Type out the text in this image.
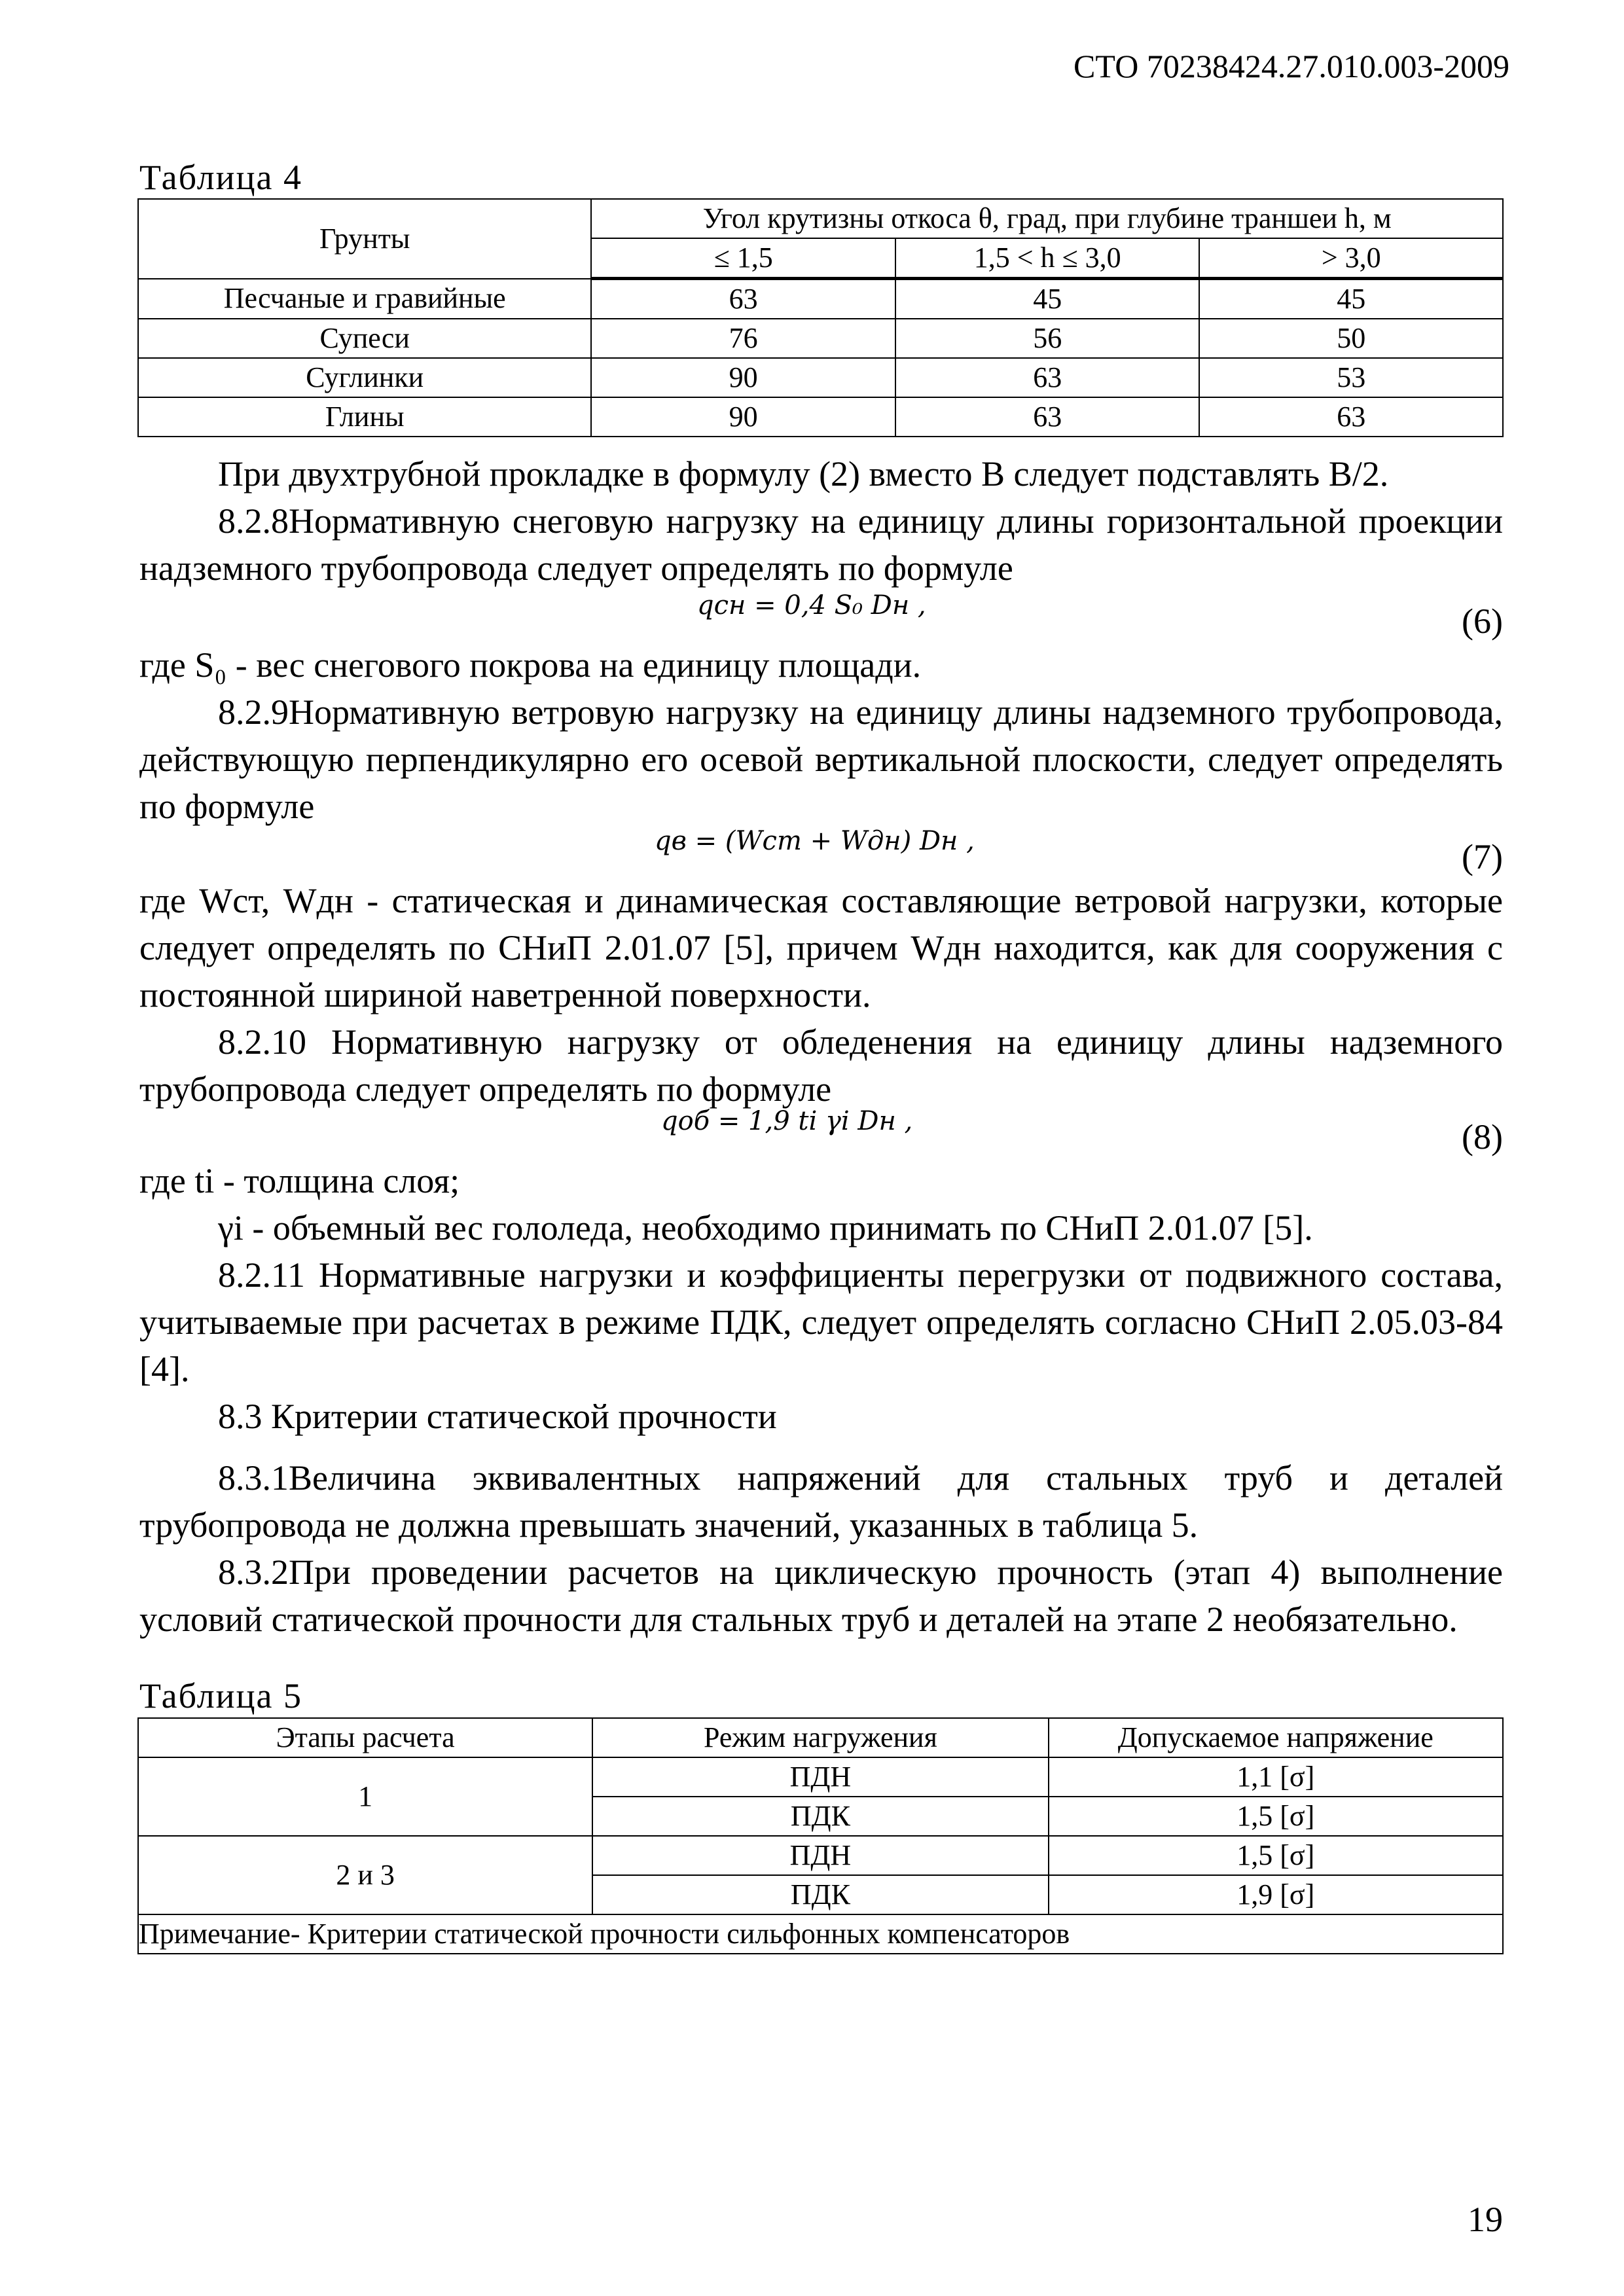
СТО 70238424.27.010.003-2009
Таблица 4
Грунты	Угол крутизны откоса θ, град, при глубине траншеи h, м		
	≤ 1,5	1,5 < h ≤ 3,0	> 3,0
Песчаные и гравийные	63	45	45
Супеси	76	56	50
Суглинки	90	63	53
Глины	90	63	63

При двухтрубной прокладке в формулу (2) вместо B следует подставлять B/2.

8.2.8Нормативную снеговую нагрузку на единицу длины горизонтальной проекции надземного трубопровода следует определять по формуле

qсн = 0,4 S₀ Dн ,	(6)

где S₀ - вес снегового покрова на единицу площади.

8.2.9Нормативную ветровую нагрузку на единицу длины надземного трубопровода, действующую перпендикулярно его осевой вертикальной плоскости, следует определять по формуле

qв = (Wст + Wдн) Dн ,	(7)

где Wст, Wдн - статическая и динамическая составляющие ветровой нагрузки, которые следует определять по СНиП 2.01.07 [5], причем Wдн находится, как для сооружения с постоянной шириной наветренной поверхности.

8.2.10 Нормативную нагрузку от обледенения на единицу длины надземного трубопровода следует определять по формуле

qоб = 1,9 ti γi Dн ,	(8)

где ti - толщина слоя;

γi - объемный вес гололеда, необходимо принимать по СНиП 2.01.07 [5].

8.2.11 Нормативные нагрузки и коэффициенты перегрузки от подвижного состава, учитываемые при расчетах в режиме ПДК, следует определять согласно СНиП 2.05.03-84 [4].

8.3 Критерии статической прочности

8.3.1Величина эквивалентных напряжений для стальных труб и деталей трубопровода не должна превышать значений, указанных в таблица 5.

8.3.2При проведении расчетов на циклическую прочность (этап 4) выполнение условий статической прочности для стальных труб и деталей на этапе 2 необязательно.

Таблица 5
Этапы расчета	Режим нагружения	Допускаемое напряжение
1	ПДН	1,1 [σ]
	ПДК	1,5 [σ]
2 и 3	ПДН	1,5 [σ]
	ПДК	1,9 [σ]
Примечание- Критерии статической прочности сильфонных компенсаторов		
19
